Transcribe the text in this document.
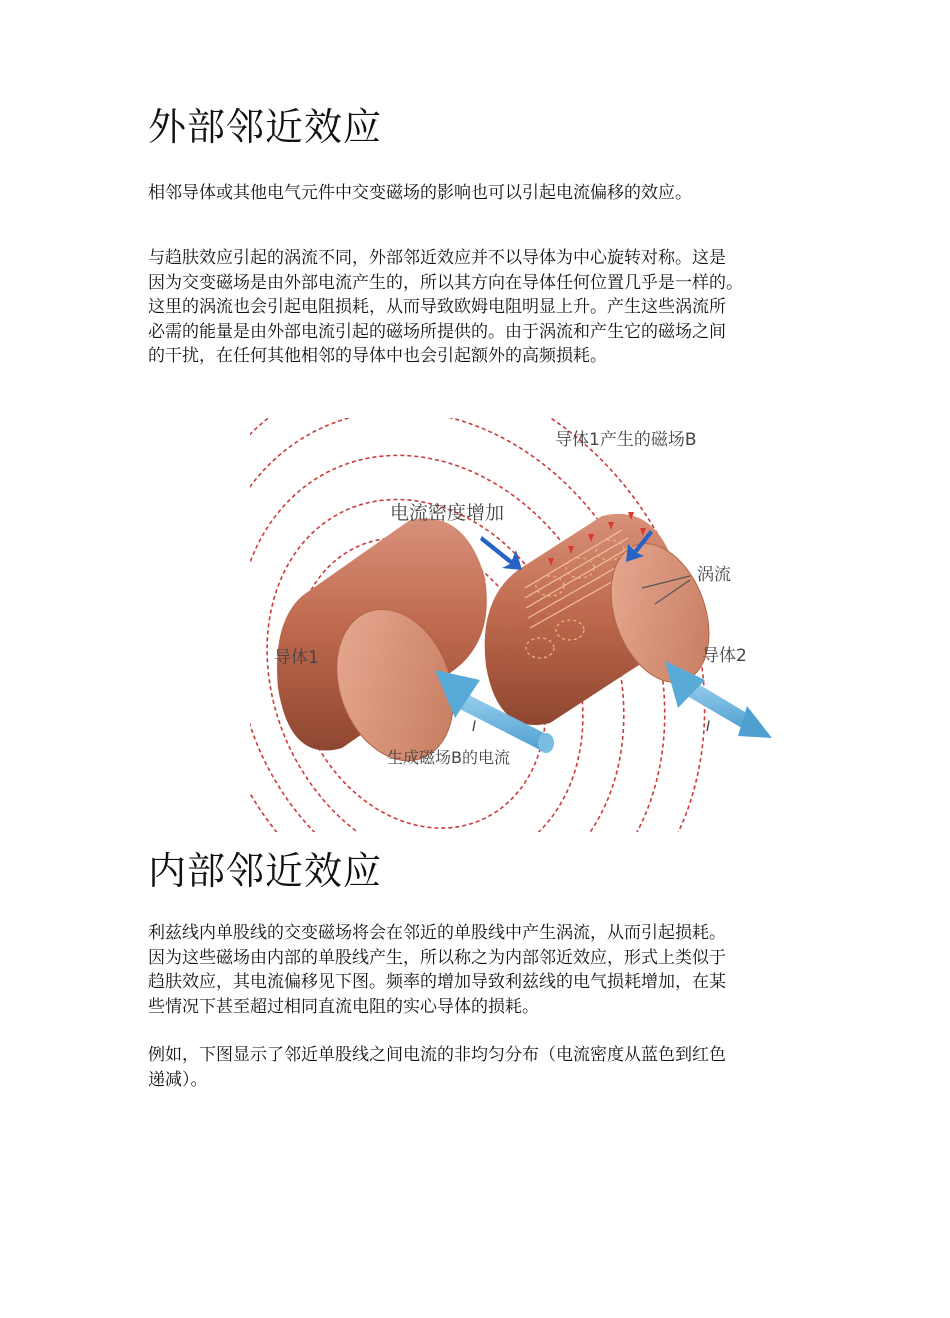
外部邻近效应

相邻导体或其他电气元件中交变磁场的影响也可以引起电流偏移的效应。

与趋肤效应引起的涡流不同，外部邻近效应并不以导体为中心旋转对称。这是
因为交变磁场是由外部电流产生的，所以其方向在导体任何位置几乎是一样的。
这里的涡流也会引起电阻损耗，从而导致欧姆电阻明显上升。产生这些涡流所
必需的能量是由外部电流引起的磁场所提供的。由于涡流和产生它的磁场之间
的干扰，在任何其他相邻的导体中也会引起额外的高频损耗。

导体1产生的磁场B
电流密度增加
涡流
导体1	导体2
I	I
生成磁场B的电流
内部邻近效应

利兹线内单股线的交变磁场将会在邻近的单股线中产生涡流，从而引起损耗。
因为这些磁场由内部的单股线产生，所以称之为内部邻近效应，形式上类似于
趋肤效应，其电流偏移见下图。频率的增加导致利兹线的电气损耗增加，在某
些情况下甚至超过相同直流电阻的实心导体的损耗。

例如，下图显示了邻近单股线之间电流的非均匀分布（电流密度从蓝色到红色
递减）。
